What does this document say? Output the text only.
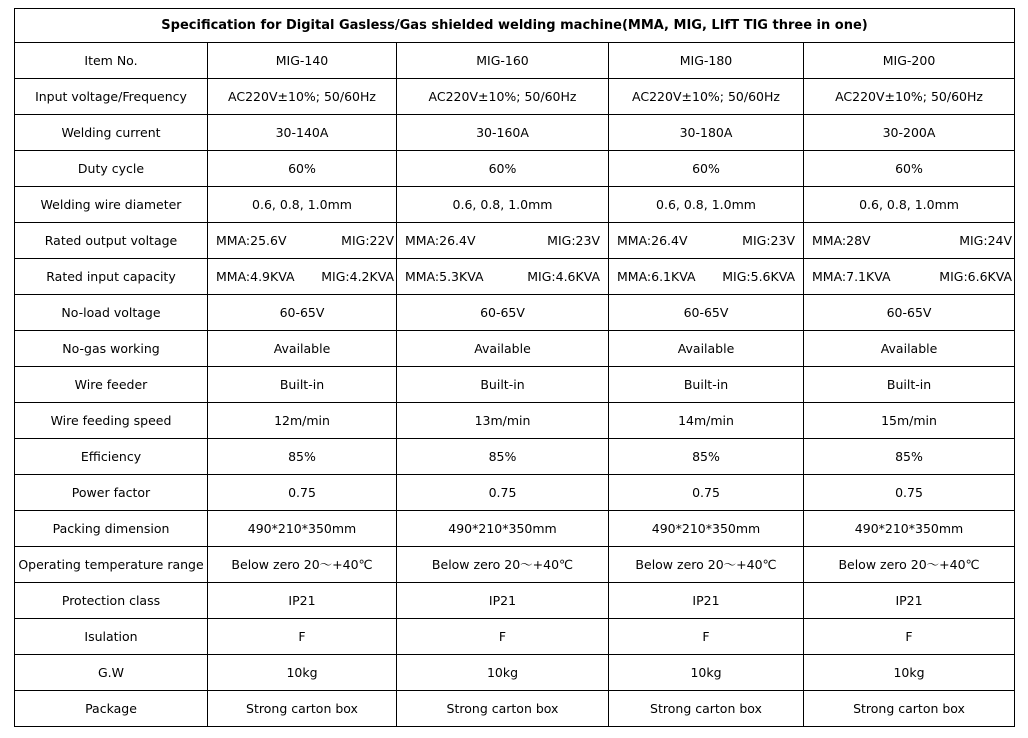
Specification for Digital Gasless/Gas shielded welding machine(MMA, MIG, LIfT TIG three in one)				
Item No.	MIG-140	MIG-160	MIG-180	MIG-200
Input voltage/Frequency	AC220V±10%; 50/60Hz	AC220V±10%; 50/60Hz	AC220V±10%; 50/60Hz	AC220V±10%; 50/60Hz
Welding current	30-140A	30-160A	30-180A	30-200A
Duty cycle	60%	60%	60%	60%
Welding wire diameter	0.6, 0.8, 1.0mm	0.6, 0.8, 1.0mm	0.6, 0.8, 1.0mm	0.6, 0.8, 1.0mm
Rated output voltage	MMA:25.6V MIG:22V	MMA:26.4V MIG:23V	MMA:26.4V MIG:23V	MMA:28V MIG:24V

Rated input capacity	MMA:4.9KVA MIG:4.2KVA	MMA:5.3KVA MIG:4.6KVA	MMA:6.1KVA MIG:5.6KVA	MMA:7.1KVA MIG:6.6KVA

No-load voltage	60-65V	60-65V	60-65V	60-65V
No-gas working	Available	Available	Available	Available
Wire feeder	Built-in	Built-in	Built-in	Built-in
Wire feeding speed	12m/min	13m/min	14m/min	15m/min
Efficiency	85%	85%	85%	85%
Power factor	0.75	0.75	0.75	0.75
Packing dimension	490*210*350mm	490*210*350mm	490*210*350mm	490*210*350mm
Operating temperature range	Below zero 20～+40℃	Below zero 20～+40℃	Below zero 20～+40℃	Below zero 20～+40℃
Protection class	IP21	IP21	IP21	IP21
Isulation	F	F	F	F
G.W	10kg	10kg	10kg	10kg
Package	Strong carton box	Strong carton box	Strong carton box	Strong carton box
